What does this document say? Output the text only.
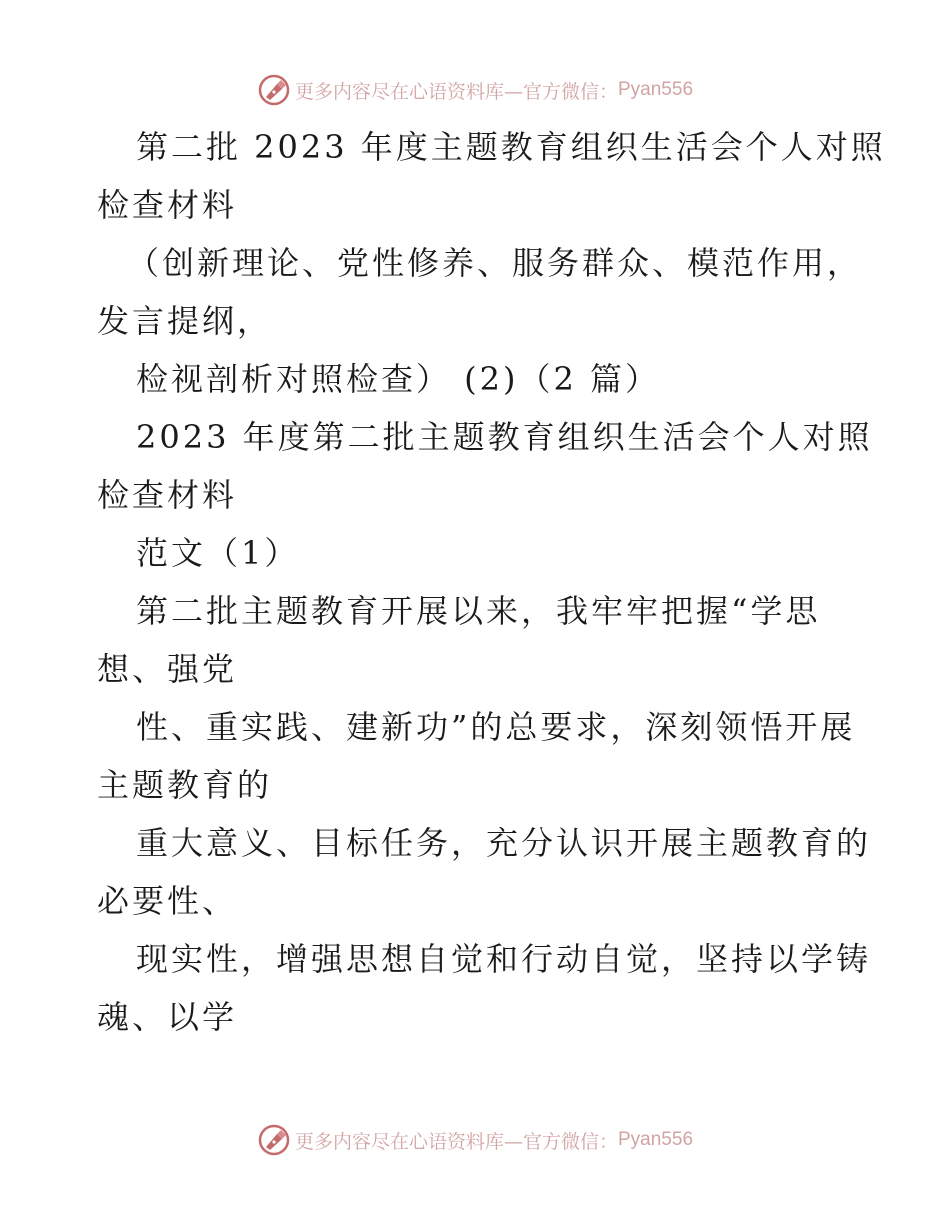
更多内容尽在心语资料库—官方微信： Pyan556
第二批 2023 年度主题教育组织生活会个人对照
检查材料
（创新理论、党性修养、服务群众、模范作用，
发言提纲，
检视剖析对照检查） (2)（2 篇）
2023 年度第二批主题教育组织生活会个人对照
检查材料
范文（1）
第二批主题教育开展以来，我牢牢把握“学思
想、强党
性、重实践、建新功”的总要求，深刻领悟开展
主题教育的
重大意义、目标任务，充分认识开展主题教育的
必要性、
现实性，增强思想自觉和行动自觉，坚持以学铸
魂、以学
更多内容尽在心语资料库—官方微信： Pyan556
